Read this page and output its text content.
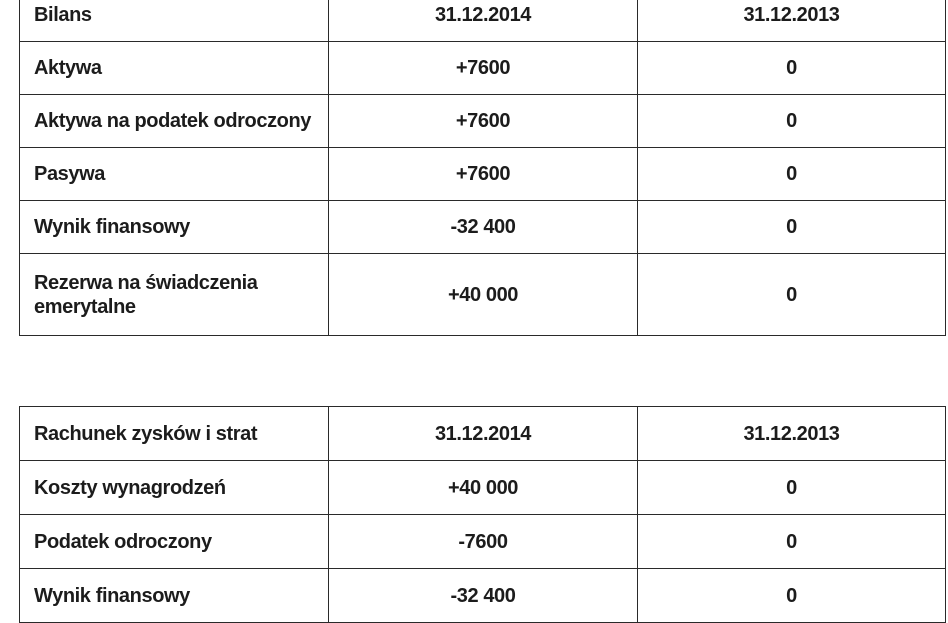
Bilans	31.12.2014	31.12.2013
Aktywa	+7600	0
Aktywa na podatek odroczony	+7600	0
Pasywa	+7600	0
Wynik finansowy	-32 400	0
Rezerwa na świadczenia emerytalne	+40 000	0
Rachunek zysków i strat	31.12.2014	31.12.2013
Koszty wynagrodzeń	+40 000	0
Podatek odroczony	-7600	0
Wynik finansowy	-32 400	0
